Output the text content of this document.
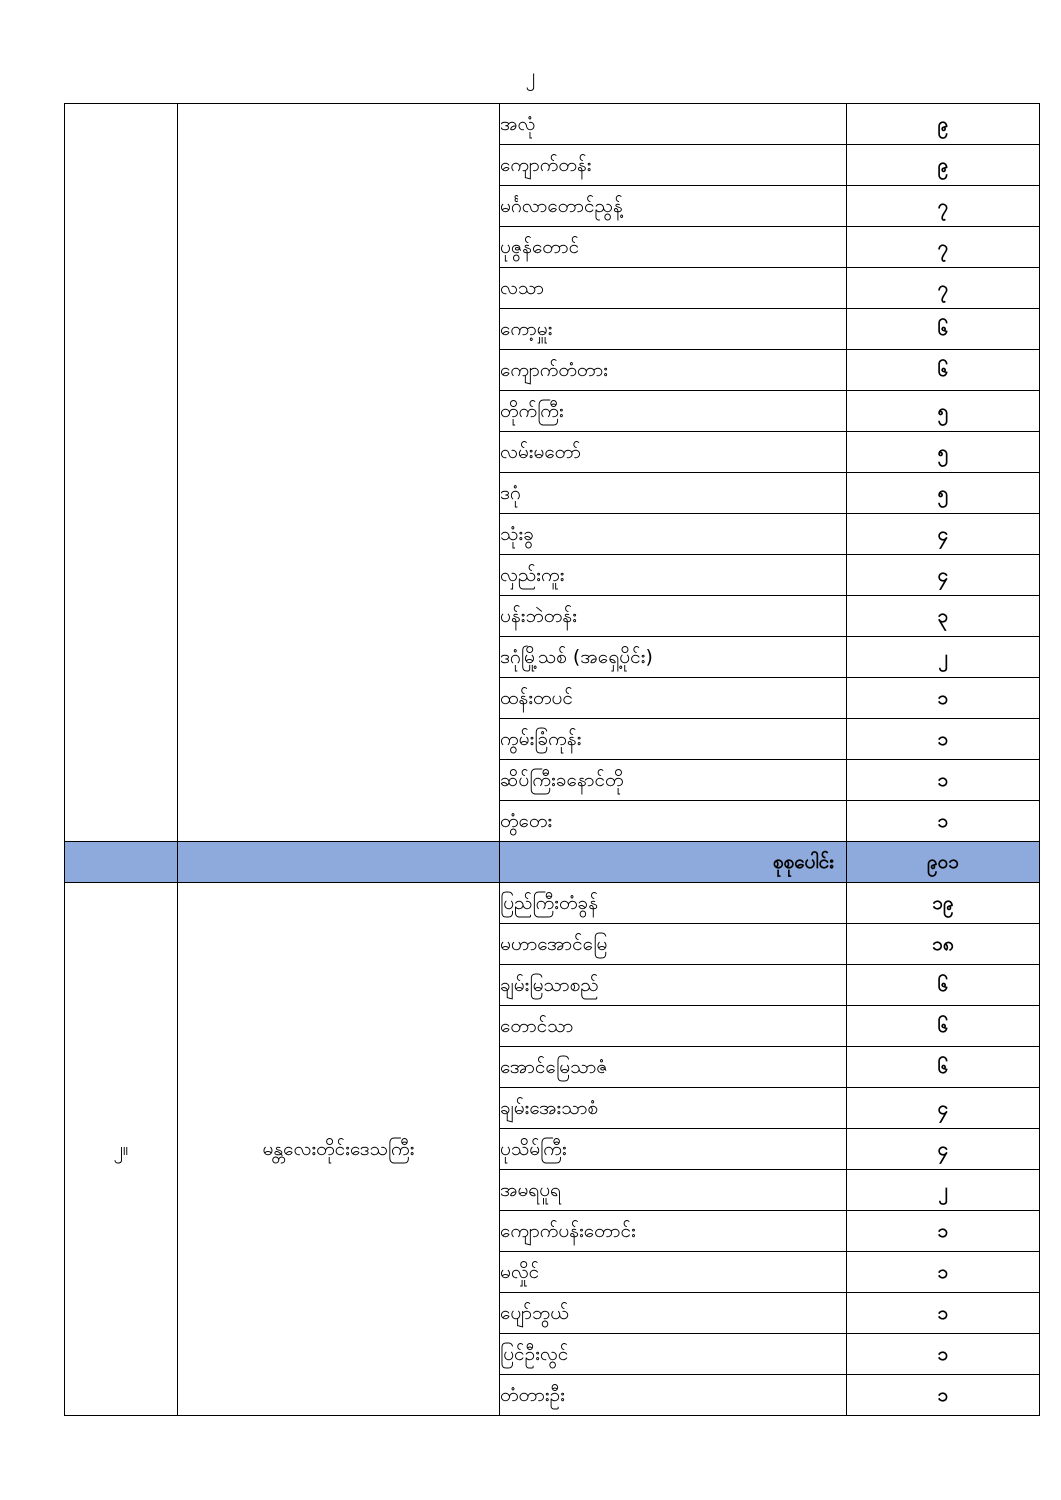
၂
		အလုံ	၉
		ကျောက်တန်း	၉
		မင်္ဂလာတောင်ညွန့်	၇
		ပုဇွန်တောင်	၇
		လသာ	၇
		ကော့မှူး	၆
		ကျောက်တံတား	၆
		တိုက်ကြီး	၅
		လမ်းမတော်	၅
		ဒဂုံ	၅
		သုံးခွ	၄
		လှည်းကူး	၄
		ပန်းဘဲတန်း	၃
		ဒဂုံမြို့သစ် (အရှေ့ပိုင်း)	၂
		ထန်းတပင်	၁
		ကွမ်းခြံကုန်း	၁
		ဆိပ်ကြီးခနောင်တို	၁
		တွံတေး	၁
		စုစုပေါင်း	၉၀၁
၂။	မန္တလေးတိုင်းဒေသကြီး	ပြည်ကြီးတံခွန်	၁၉
		မဟာအောင်မြေ	၁၈
		ချမ်းမြသာစည်	၆
		တောင်သာ	၆
		အောင်မြေသာဇံ	၆
		ချမ်းအေးသာစံ	၄
		ပုသိမ်ကြီး	၄
		အမရပူရ	၂
		ကျောက်ပန်းတောင်း	၁
		မလှိုင်	၁
		ပျော်ဘွယ်	၁
		ပြင်ဦးလွင်	၁
		တံတားဦး	၁
